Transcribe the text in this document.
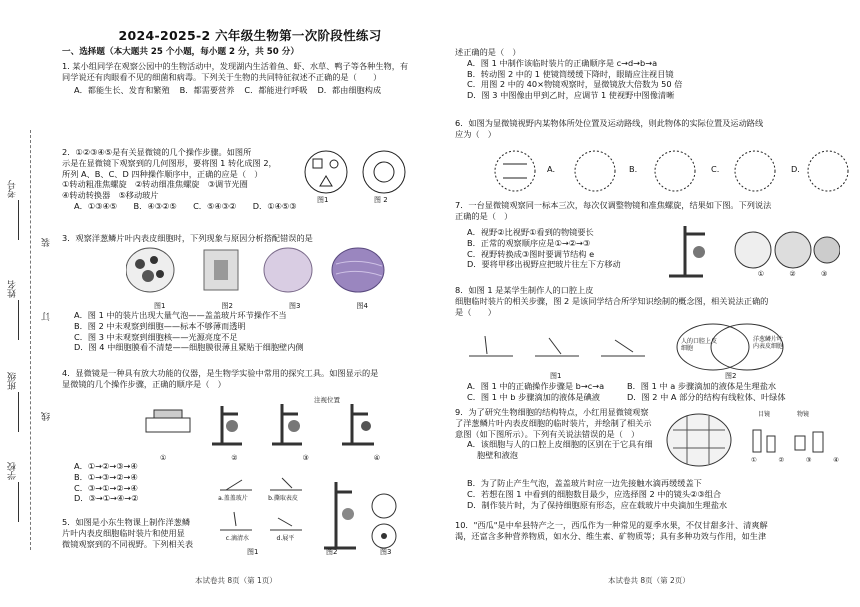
考号
姓名
班级
学校
装
订
线
2024-2025-2 六年级生物第一次阶段性练习
一、选择题（本大题共 25 个小题，每小题 2 分，共 50 分）

1. 某小组同学在观察公园中的生物活动中，发现湖内生活着鱼、虾、水草、鸭子等各种生物，有同学说还有肉眼看不见的细菌和病毒。下列关于生物的共同特征叙述不正确的是（　　）

A．都能生长、发育和繁殖 B．都需要营养 C．都能进行呼吸 D．都由细胞构成

2．①②③④⑤是有关显微镜的几个操作步骤。如图所

示是在显微镜下观察到的几何图形，要将图 1 转化成图 2，

所列 A、B、C、D 四种操作顺序中，正确的应是（　）

①转动粗准焦螺旋　②转动细准焦螺旋　③调节光圈

④转动转换器　⑤移动玻片

A．①③④⑤　　B．④③②⑤　　C．⑤④③②　　D．①④⑤③

图1	图 2

3．观察洋葱鳞片叶内表皮细胞时，下列现象与原因分析搭配错误的是

图1	图2	图3	图4

A．图 1 中的装片出现大量气泡——盖盖玻片环节操作不当

B．图 2 中未观察到细胞——标本不够薄而透明

C．图 3 中未观察到细胞核——光源亮度不足

D．图 4 中细胞膜看不清楚——细胞膜很薄且紧贴于细胞壁内侧

4．显微镜是一种具有放大功能的仪器，是生物学实验中常用的探究工具。如图显示的是

显微镜的几个操作步骤，正确的顺序是（　）

注视位置
①	②	③	④

A．①→②→③→④

B．①→③→②→④

C．③→①→②→④

D．③→①→④→②

5．如图是小东生物课上制作洋葱鳞

片叶内表皮细胞临时装片和使用显

微镜观察到的不同视野。下列相关表

a.盖盖玻片	b.撕取表皮
c.滴清水	d.展平
图1	图2	图3
本试卷共 8页（第 1页）

述正确的是（　）

A．图 1 中制作该临时装片的正确顺序是 c→d→b→a

B．转动图 2 中的 1 使镜筒缓缓下降时，眼睛应注视目镜

C．用图 2 中的 40×物镜观察时，显微镜放大倍数为 50 倍

D．图 3 中图像由甲到乙时，应调节 1 使视野中图像清晰

6．如图为显微镜视野内某物体所处位置及运动路线，则此物体的实际位置及运动路线

应为（　）

A.	B.	C.	D.

7．一台显微镜观察同一标本三次，每次仅调整物镜和准焦螺旋，结果如下图。下列说法

正确的是（　）

A．视野②比视野①看到的物镜要长

B．正常的观察顺序应是①→②→③

C．视野转换成③图时要调节结构 e

D．要将甲移出视野应把玻片往左下方移动

①	②	③

8．如图 1 是某学生制作人的口腔上皮

细胞临时装片的相关步骤，图 2 是该同学结合所学知识绘制的概念图，相关说法正确的

是（　　）

图1
人的口腔上皮细胞
洋葱鳞片叶内表皮细胞
图2
A．图 1 中的正确操作步骤是 b→c→a	B．图 1 中 a 步骤滴加的液体是生理盐水
C．图 1 中 b 步骤滴加的液体是碘液	D．图 2 中 A 部分的结构有线粒体、叶绿体

9．为了研究生物细胞的结构特点，小红用显微镜观察

了洋葱鳞片叶内表皮细胞的临时装片，并绘制了相关示

意图（如下图所示）。下列有关说法错误的是（　）

A．该细胞与人的口腔上皮细胞的区别在于它具有细

胞壁和液泡

目镜	物镜
①	②	③	④

B．为了防止产生气泡，盖盖玻片时应一边先接触水滴再缓缓盖下

C．若想在图 1 中看到的细胞数目最少，应选择图 2 中的镜头②③组合

D．制作装片时，为了保持细胞原有形态，应在载玻片中央滴加生理盐水

10．"西瓜"是中牟县特产之一，西瓜作为一种常见的夏季水果，不仅甘甜多汁、清爽解

渴，还富含多种营养物质，如水分、维生素、矿物质等；具有多种功效与作用，如生津

本试卷共 8页（第 2页）
